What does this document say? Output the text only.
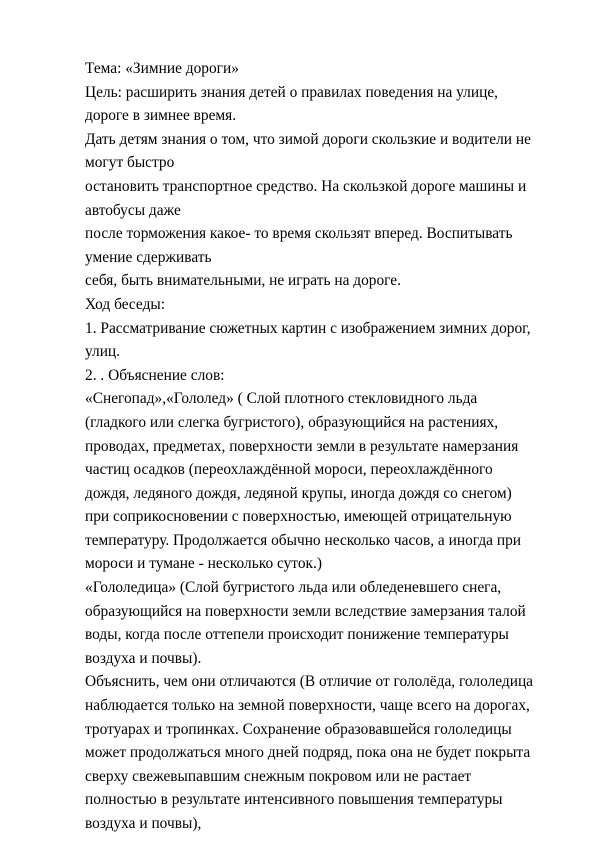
Тема: «Зимние дороги»
Цель: расширить знания детей о правилах поведения на улице,
дороге в зимнее время.
Дать детям знания о том, что зимой дороги скользкие и водители не
могут быстро
остановить транспортное средство. На скользкой дороге машины и
автобусы даже
после торможения какое- то время скользят вперед. Воспитывать
умение сдерживать
себя, быть внимательными, не играть на дороге.
Ход беседы:
1. Рассматривание сюжетных картин с изображением зимних дорог,
улиц.
2. . Объяснение слов:
«Снегопад»,«Гололед» ( Слой плотного стекловидного льда
(гладкого или слегка бугристого), образующийся на растениях,
проводах, предметах, поверхности земли в результате намерзания
частиц осадков (переохлаждённой мороси, переохлаждённого
дождя, ледяного дождя, ледяной крупы, иногда дождя со снегом)
при соприкосновении с поверхностью, имеющей отрицательную
температуру. Продолжается обычно несколько часов, а иногда при
мороси и тумане - несколько суток.)
«Гололедица» (Слой бугристого льда или обледеневшего снега,
образующийся на поверхности земли вследствие замерзания талой
воды, когда после оттепели происходит понижение температуры
воздуха и почвы).
Объяснить, чем они отличаются (В отличие от гололёда, гололедица
наблюдается только на земной поверхности, чаще всего на дорогах,
тротуарах и тропинках. Сохранение образовавшейся гололедицы
может продолжаться много дней подряд, пока она не будет покрыта
сверху свежевыпавшим снежным покровом или не растает
полностью в результате интенсивного повышения температуры
воздуха и почвы),
